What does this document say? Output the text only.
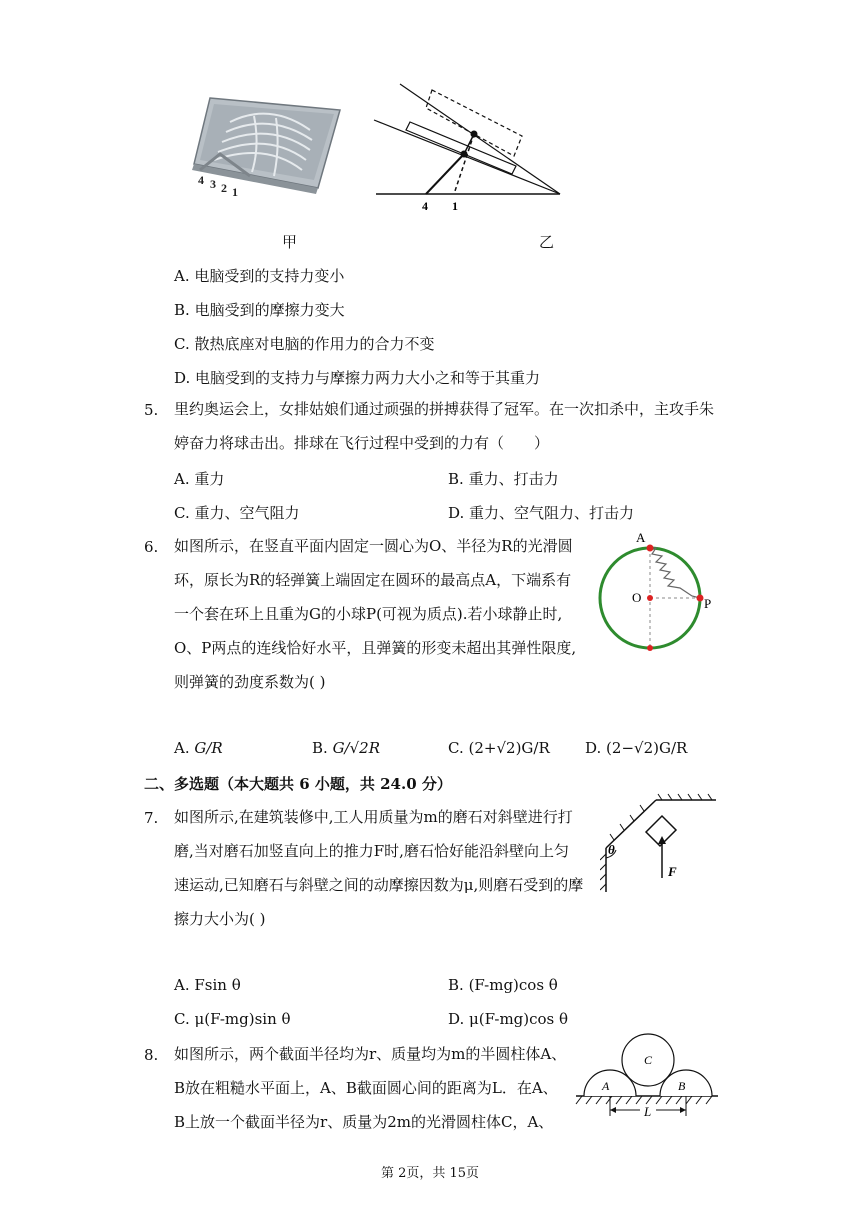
4 3 2 1
4 1
甲	乙
A. 电脑受到的支持力变小
B. 电脑受到的摩擦力变大
C. 散热底座对电脑的作用力的合力不变
D. 电脑受到的支持力与摩擦力两力大小之和等于其重力
5. 里约奥运会上，女排姑娘们通过顽强的拼搏获得了冠军。在一次扣杀中，主攻手朱
婷奋力将球击出。排球在飞行过程中受到的力有（　　）
A. 重力	B. 重力、打击力
C. 重力、空气阻力	D. 重力、空气阻力、打击力
6. 如图所示，在竖直平面内固定一圆心为O、半径为R的光滑圆
环，原长为R的轻弹簧上端固定在圆环的最高点A，下端系有
一个套在环上且重为G的小球P(可视为质点).若小球静止时,
O、P两点的连线恰好水平，且弹簧的形变未超出其弹性限度,
则弹簧的劲度系数为( )
A
O	P
A. G/R	B. G/√2R	C. (2+√2)G/R D. (2−√2)G/R
二、多选题（本大题共 6 小题，共 24.0 分）
7. 如图所示,在建筑装修中,工人用质量为m的磨石对斜壁进行打
磨,当对磨石加竖直向上的推力F时,磨石恰好能沿斜壁向上匀
速运动,已知磨石与斜壁之间的动摩擦因数为μ,则磨石受到的摩
擦力大小为( )
θ
F
A. Fsin θ	B. (F-mg)cos θ
C. μ(F-mg)sin θ	D. μ(F-mg)cos θ
8. 如图所示，两个截面半径均为r、质量均为m的半圆柱体A、
B放在粗糙水平面上，A、B截面圆心间的距离为L．在A、
B上放一个截面半径为r、质量为2m的光滑圆柱体C，A、
A	B
C
L
第 2页，共 15页
